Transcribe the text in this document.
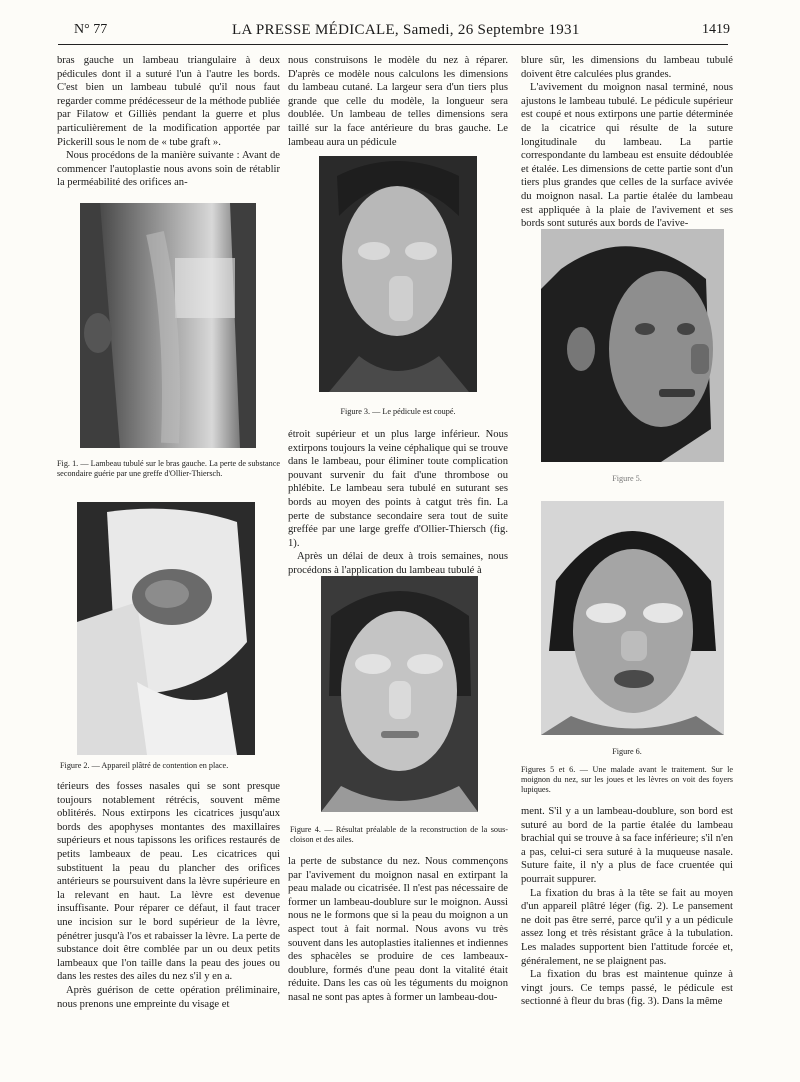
N° 77	LA PRESSE MÉDICALE, Samedi, 26 Septembre 1931	1419

bras gauche un lambeau triangulaire à deux pédicules dont il a suturé l'un à l'autre les bords. C'est bien un lambeau tubulé qu'il nous faut regarder comme prédécesseur de la méthode publiée par Filatow et Gilliès pendant la guerre et plus particulièrement de la modification apportée par Pickerill sous le nom de « tube graft ».

Nous procédons de la manière suivante : Avant de commencer l'autoplastie nous avons soin de rétablir la perméabilité des orifices an-

Fig. 1. — Lambeau tubulé sur le bras gauche. La perte de substance secondaire guérie par une greffe d'Ollier-Thiersch.
Figure 2. — Appareil plâtré de contention en place.

térieurs des fosses nasales qui se sont presque toujours notablement rétrécis, souvent même oblitérés. Nous extirpons les cicatrices jusqu'aux bords des apophyses montantes des maxillaires supérieurs et nous tapissons les orifices restaurés de petits lambeaux de peau. Les cicatrices qui substituent la peau du plancher des orifices antérieurs se poursuivent dans la lèvre supérieure en la relevant en haut. La lèvre est devenue insuffisante. Pour réparer ce défaut, il faut tracer une incision sur le bord supérieur de la lèvre, pénétrer jusqu'à l'os et rabaisser la lèvre. La perte de substance doit être comblée par un ou deux petits lambeaux que l'on taille dans la peau des joues ou dans les restes des ailes du nez s'il y en a.

Après guérison de cette opération préliminaire, nous prenons une empreinte du visage et

nous construisons le modèle du nez à réparer. D'après ce modèle nous calculons les dimensions du lambeau cutané. La largeur sera d'un tiers plus grande que celle du modèle, la longueur sera doublée. Un lambeau de telles dimensions sera taillé sur la face antérieure du bras gauche. Le lambeau aura un pédicule

Figure 3. — Le pédicule est coupé.

étroit supérieur et un plus large inférieur. Nous extirpons toujours la veine céphalique qui se trouve dans le lambeau, pour éliminer toute complication pouvant survenir du fait d'une thrombose ou phlébite. Le lambeau sera tubulé en suturant ses bords au moyen des points à catgut très fin. La perte de substance secondaire sera tout de suite greffée par une large greffe d'Ollier-Thiersch (fig. 1).

Après un délai de deux à trois semaines, nous procédons à l'application du lambeau tubulé à

Figure 4. — Résultat préalable de la reconstruction de la sous-cloison et des ailes.

la perte de substance du nez. Nous commençons par l'avivement du moignon nasal en extirpant la peau malade ou cicatrisée. Il n'est pas nécessaire de former un lambeau-doublure sur le moignon. Aussi nous ne le formons que si la peau du moignon a un aspect tout à fait normal. Nous avons vu très souvent dans les autoplasties italiennes et indiennes des sphacèles se produire de ces lambeaux-doublure, formés d'une peau dont la vitalité était réduite. Dans les cas où les téguments du moignon nasal ne sont pas aptes à former un lambeau-dou-

blure sûr, les dimensions du lambeau tubulé doivent être calculées plus grandes.

L'avivement du moignon nasal terminé, nous ajustons le lambeau tubulé. Le pédicule supérieur est coupé et nous extirpons une partie déterminée de la cicatrice qui résulte de la suture longitudinale du lambeau. La partie correspondante du lambeau est ensuite dédoublée et étalée. Les dimensions de cette partie sont d'un tiers plus grandes que celles de la surface avivée du moignon nasal. La partie étalée du lambeau est appliquée à la plaie de l'avivement et ses bords sont suturés aux bords de l'avive-

Figure 5.
Figure 6.
Figures 5 et 6. — Une malade avant le traitement. Sur le moignon du nez, sur les joues et les lèvres on voit des foyers lupiques.

ment. S'il y a un lambeau-doublure, son bord est suturé au bord de la partie étalée du lambeau brachial qui se trouve à sa face inférieure; s'il n'en a pas, celui-ci sera suturé à la muqueuse nasale. Suture faite, il n'y a plus de face cruentée qui pourrait suppurer.

La fixation du bras à la tête se fait au moyen d'un appareil plâtré léger (fig. 2). Le pansement ne doit pas être serré, parce qu'il y a un pédicule assez long et très résistant grâce à la tubulation. Les malades supportent bien l'attitude forcée et, généralement, ne se plaignent pas.

La fixation du bras est maintenue quinze à vingt jours. Ce temps passé, le pédicule est sectionné à fleur du bras (fig. 3). Dans la même
